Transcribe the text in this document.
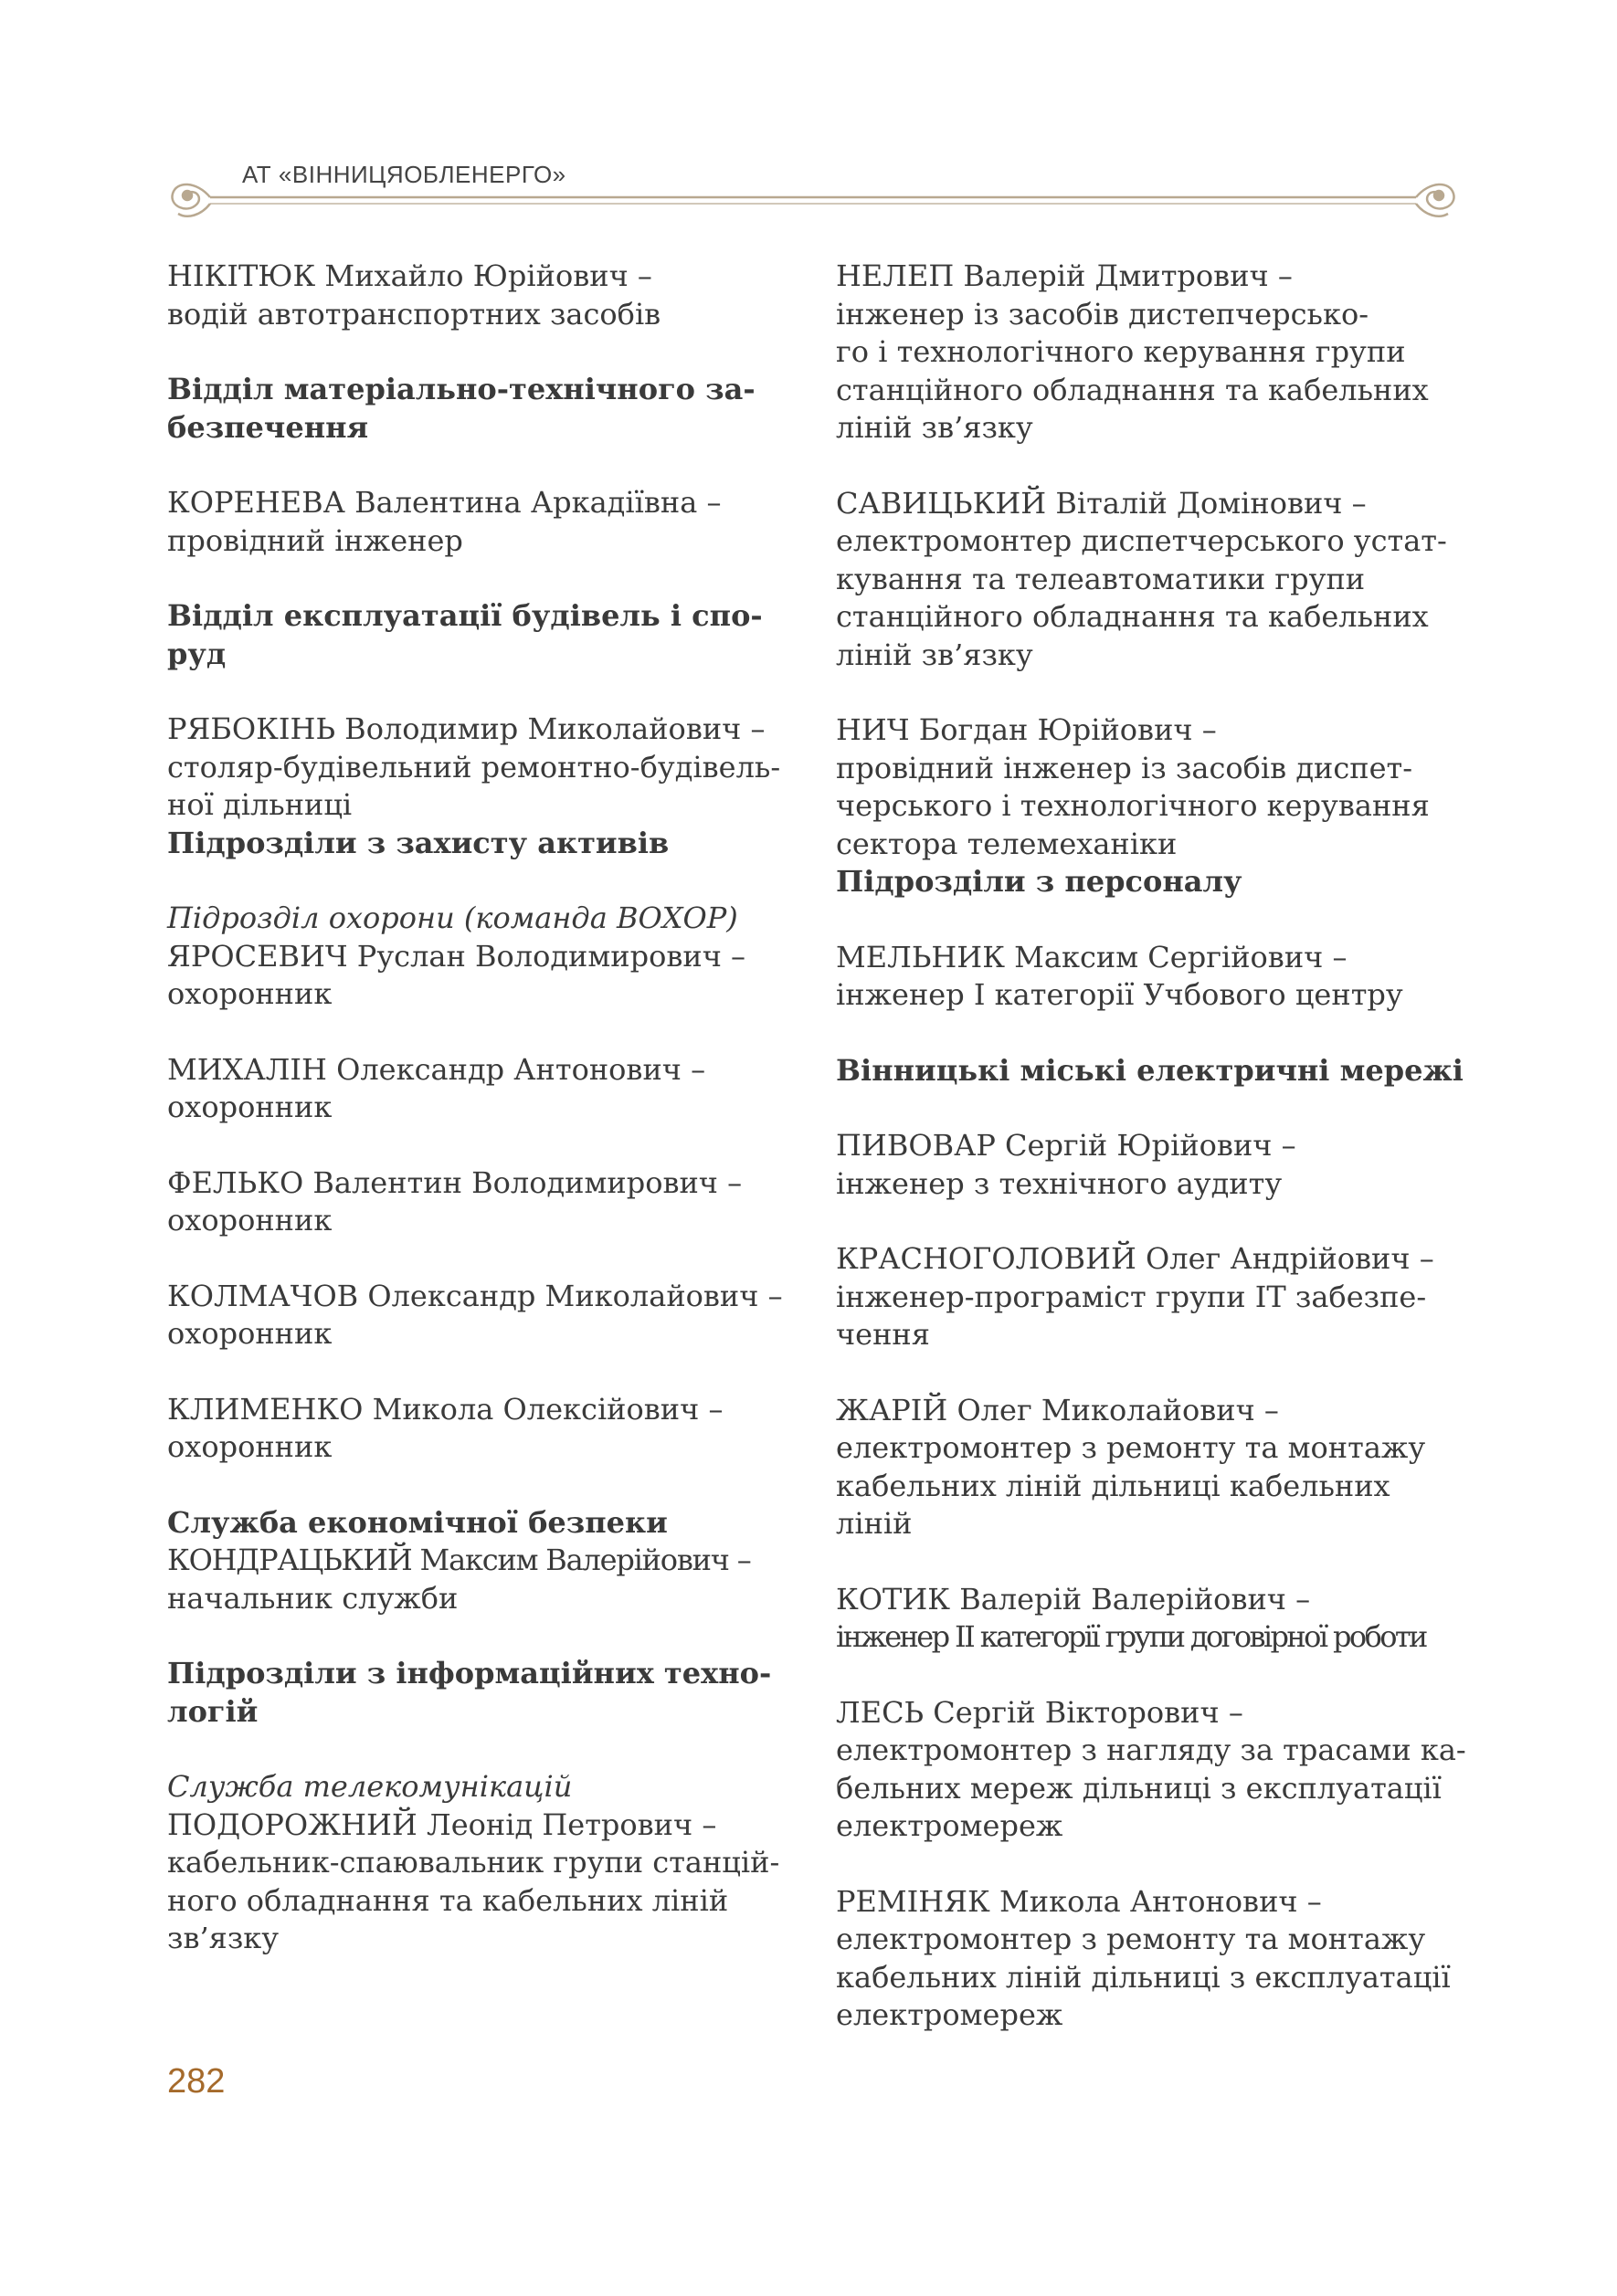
АТ «ВІННИЦЯОБЛЕНЕРГО»

НІКІТЮК Михайло Юрійович –

водій автотранспортних засобів

Відділ матеріально-технічного за-

безпечення

КОРЕНЕВА Валентина Аркадіївна –

провідний інженер

Відділ експлуатації будівель і спо-

руд

РЯБОКІНЬ Володимир Миколайович –

столяр-будівельний ремонтно-будівель-

ної дільниці

Підрозділи з захисту активів

Підрозділ охорони (команда ВОХОР)

ЯРОСЕВИЧ Руслан Володимирович –

охоронник

МИХАЛІН Олександр Антонович –

охоронник

ФЕЛЬКО Валентин Володимирович –

охоронник

КОЛМАЧОВ Олександр Миколайович –

охоронник

КЛИМЕНКО Микола Олексійович –

охоронник

Служба економічної безпеки

КОНДРАЦЬКИЙ Максим Валерійович –

начальник служби

Підрозділи з інформаційних техно-

логій

Служба телекомунікацій

ПОДОРОЖНИЙ Леонід Петрович –

кабельник-спаювальник групи станцій-

ного обладнання та кабельних ліній

зв’язку

НЕЛЕП Валерій Дмитрович –

інженер із засобів дистепчерсько-

го і технологічного керування групи

станційного обладнання та кабельних

ліній зв’язку

САВИЦЬКИЙ Віталій Домінович –

електромонтер диспетчерського устат-

кування та телеавтоматики групи

станційного обладнання та кабельних

ліній зв’язку

НИЧ Богдан Юрійович –

провідний інженер із засобів диспет-

черського і технологічного керування

сектора телемеханіки

Підрозділи з персоналу

МЕЛЬНИК Максим Сергійович –

інженер І категорії Учбового центру

Вінницькі міські електричні мережі

ПИВОВАР Сергій Юрійович –

інженер з технічного аудиту

КРАСНОГОЛОВИЙ Олег Андрійович –

інженер-програміст групи ІТ забезпе-

чення

ЖАРІЙ Олег Миколайович –

електромонтер з ремонту та монтажу

кабельних ліній дільниці кабельних

ліній

КОТИК Валерій Валерійович –

інженер ІІ категорії групи договірної роботи

ЛЕСЬ Сергій Вікторович –

електромонтер з нагляду за трасами ка-

бельних мереж дільниці з експлуатації

електромереж

РЕМІНЯК Микола Антонович –

електромонтер з ремонту та монтажу

кабельних ліній дільниці з експлуатації

електромереж

282
